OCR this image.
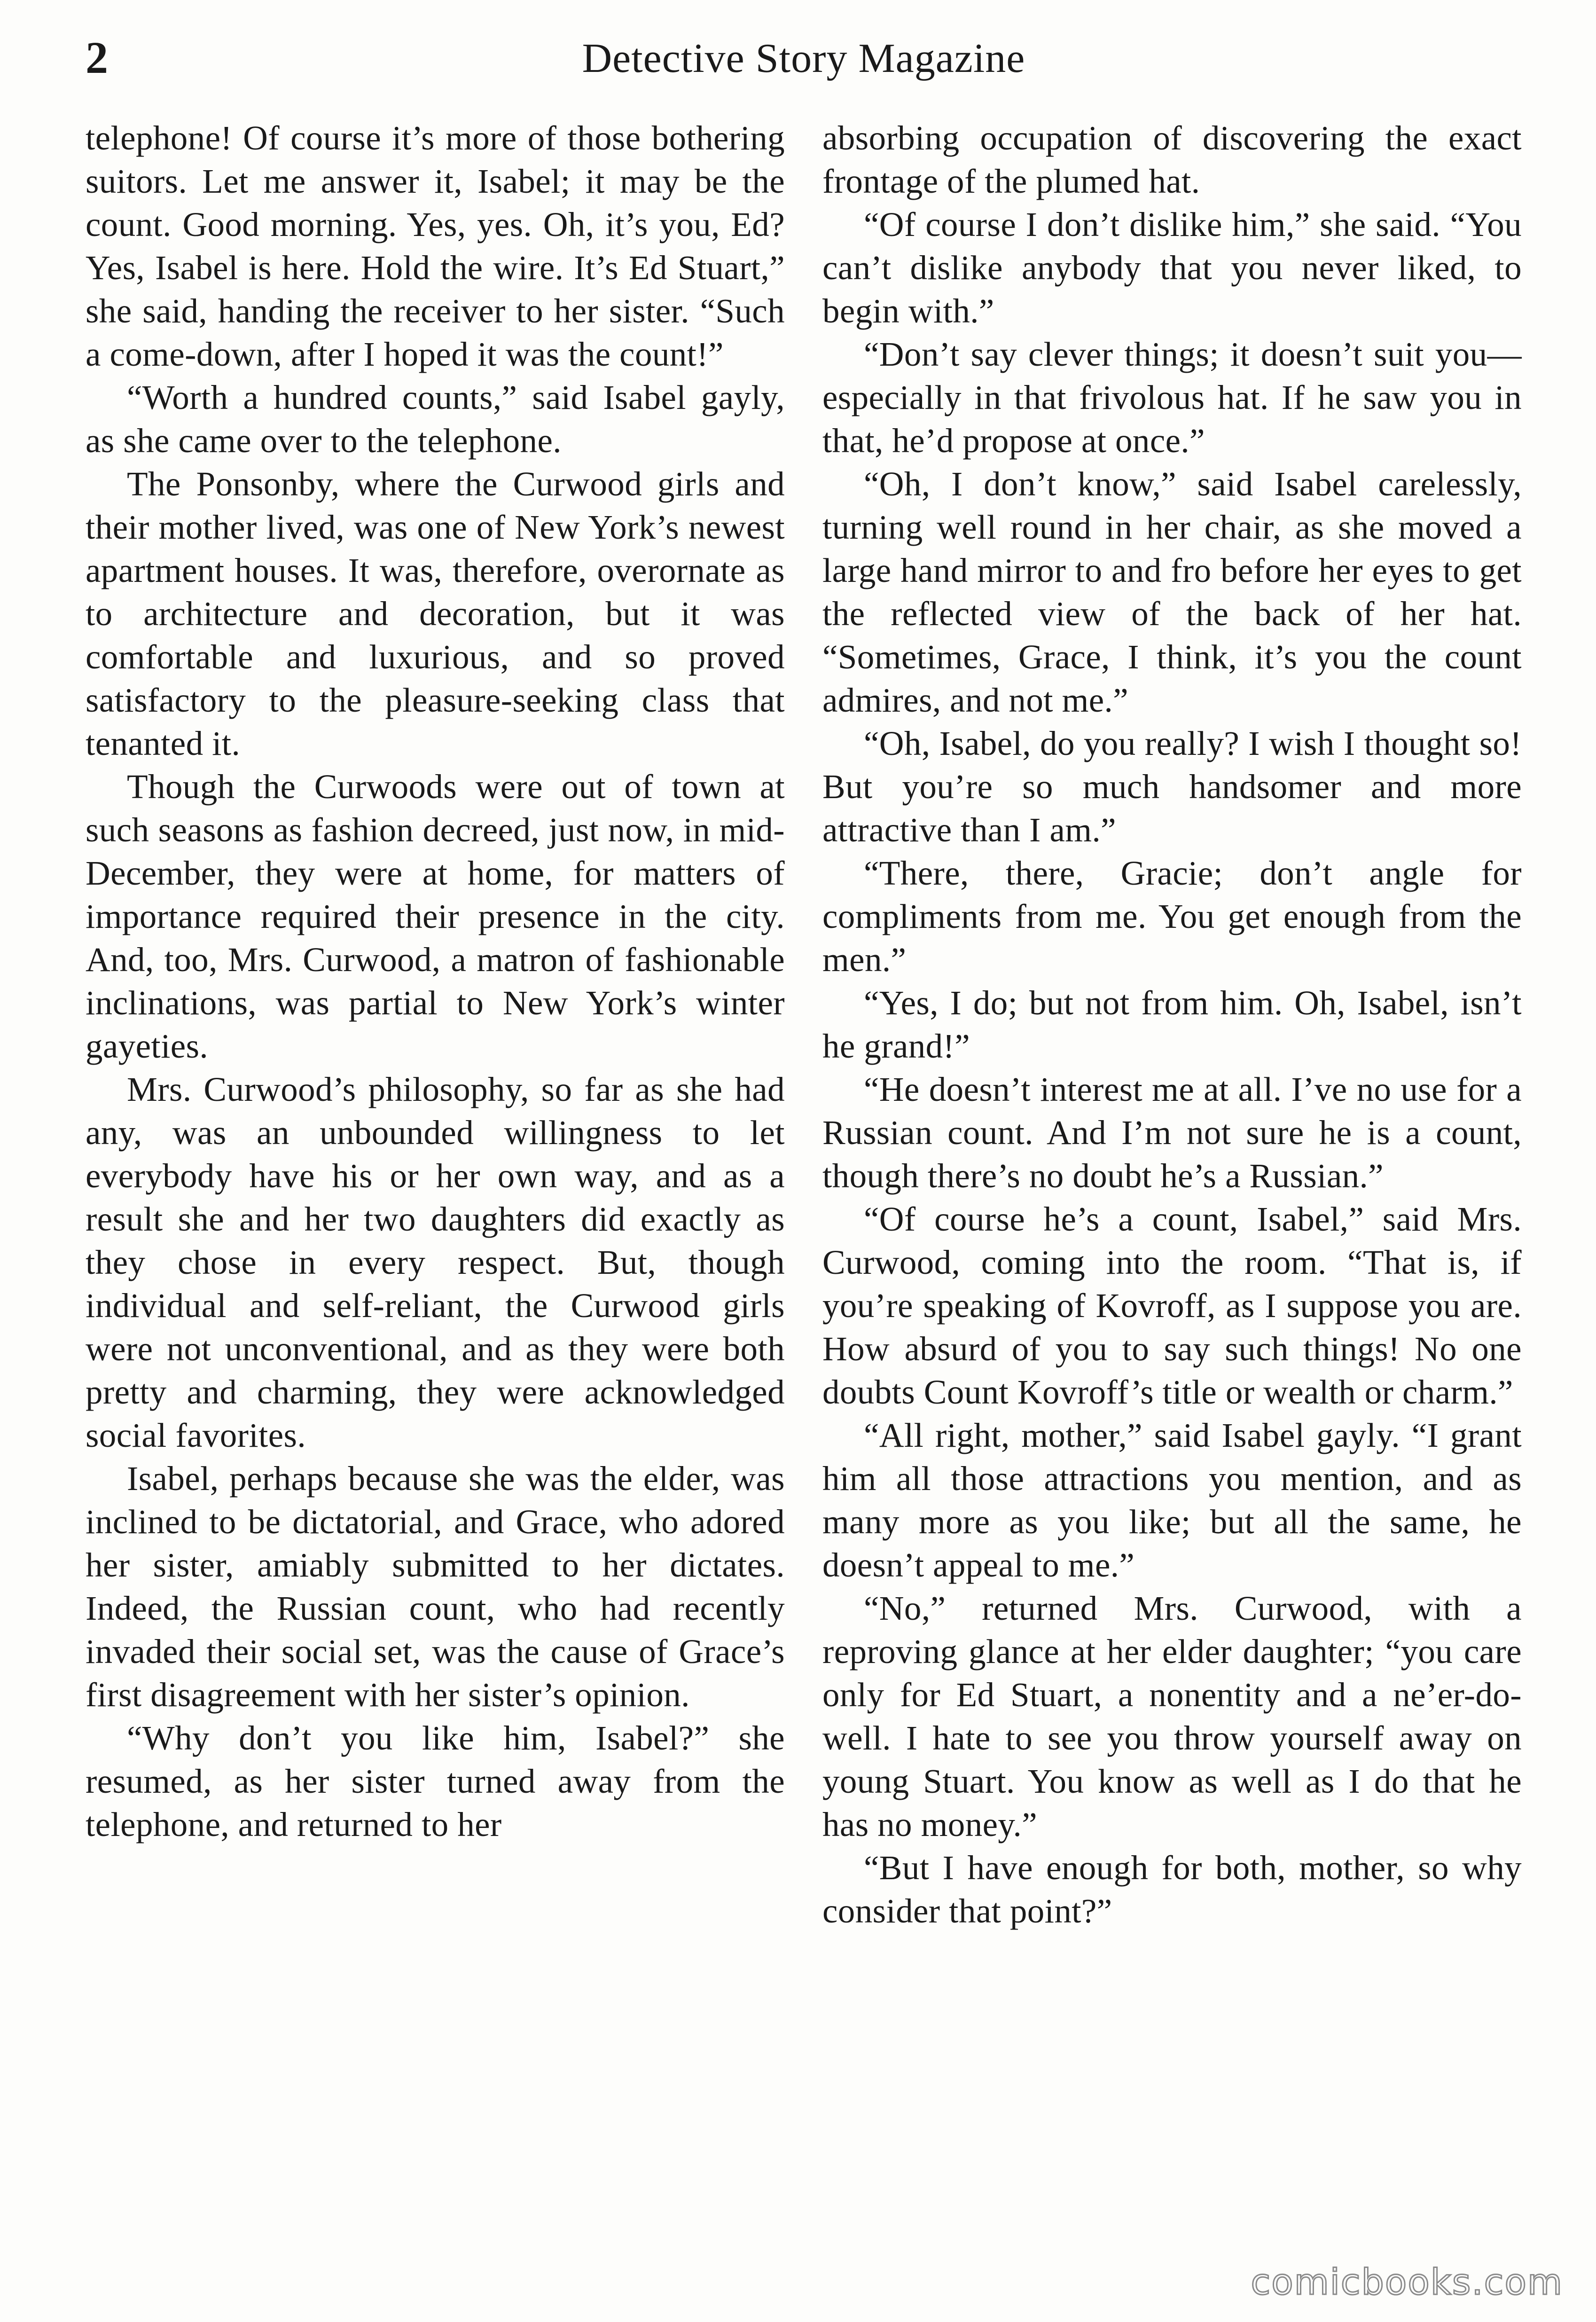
2	Detective Story Magazine

telephone! Of course it’s more of those bothering suitors. Let me answer it, Isabel; it may be the count. Good morning. Yes, yes. Oh, it’s you, Ed? Yes, Isabel is here. Hold the wire. It’s Ed Stuart,” she said, handing the receiver to her sister. “Such a come-down, after I hoped it was the count!”

“Worth a hundred counts,” said Isabel gayly, as she came over to the telephone.

The Ponsonby, where the Curwood girls and their mother lived, was one of New York’s newest apartment houses. It was, therefore, overornate as to architecture and decoration, but it was comfortable and luxurious, and so proved satisfactory to the pleasure-seeking class that tenanted it.

Though the Curwoods were out of town at such seasons as fashion decreed, just now, in mid-December, they were at home, for matters of importance required their presence in the city. And, too, Mrs. Curwood, a matron of fashionable inclinations, was partial to New York’s winter gayeties.

Mrs. Curwood’s philosophy, so far as she had any, was an unbounded willingness to let everybody have his or her own way, and as a result she and her two daughters did exactly as they chose in every respect. But, though individual and self-reliant, the Curwood girls were not unconventional, and as they were both pretty and charming, they were acknowledged social favorites.

Isabel, perhaps because she was the elder, was inclined to be dictatorial, and Grace, who adored her sister, amiably submitted to her dictates. Indeed, the Russian count, who had recently invaded their social set, was the cause of Grace’s first disagreement with her sister’s opinion.

“Why don’t you like him, Isabel?” she resumed, as her sister turned away from the telephone, and returned to her

absorbing occupation of discovering the exact frontage of the plumed hat.

“Of course I don’t dislike him,” she said. “You can’t dislike anybody that you never liked, to begin with.”

“Don’t say clever things; it doesn’t suit you—especially in that frivolous hat. If he saw you in that, he’d propose at once.”

“Oh, I don’t know,” said Isabel carelessly, turning well round in her chair, as she moved a large hand mirror to and fro before her eyes to get the reflected view of the back of her hat. “Sometimes, Grace, I think, it’s you the count admires, and not me.”

“Oh, Isabel, do you really? I wish I thought so! But you’re so much handsomer and more attractive than I am.”

“There, there, Gracie; don’t angle for compliments from me. You get enough from the men.”

“Yes, I do; but not from him. Oh, Isabel, isn’t he grand!”

“He doesn’t interest me at all. I’ve no use for a Russian count. And I’m not sure he is a count, though there’s no doubt he’s a Russian.”

“Of course he’s a count, Isabel,” said Mrs. Curwood, coming into the room. “That is, if you’re speaking of Kovroff, as I suppose you are. How absurd of you to say such things! No one doubts Count Kovroff’s title or wealth or charm.”

“All right, mother,” said Isabel gayly. “I grant him all those attractions you mention, and as many more as you like; but all the same, he doesn’t appeal to me.”

“No,” returned Mrs. Curwood, with a reproving glance at her elder daughter; “you care only for Ed Stuart, a nonentity and a ne’er-do-well. I hate to see you throw yourself away on young Stuart. You know as well as I do that he has no money.”

“But I have enough for both, mother, so why consider that point?”

comicbooks.com
